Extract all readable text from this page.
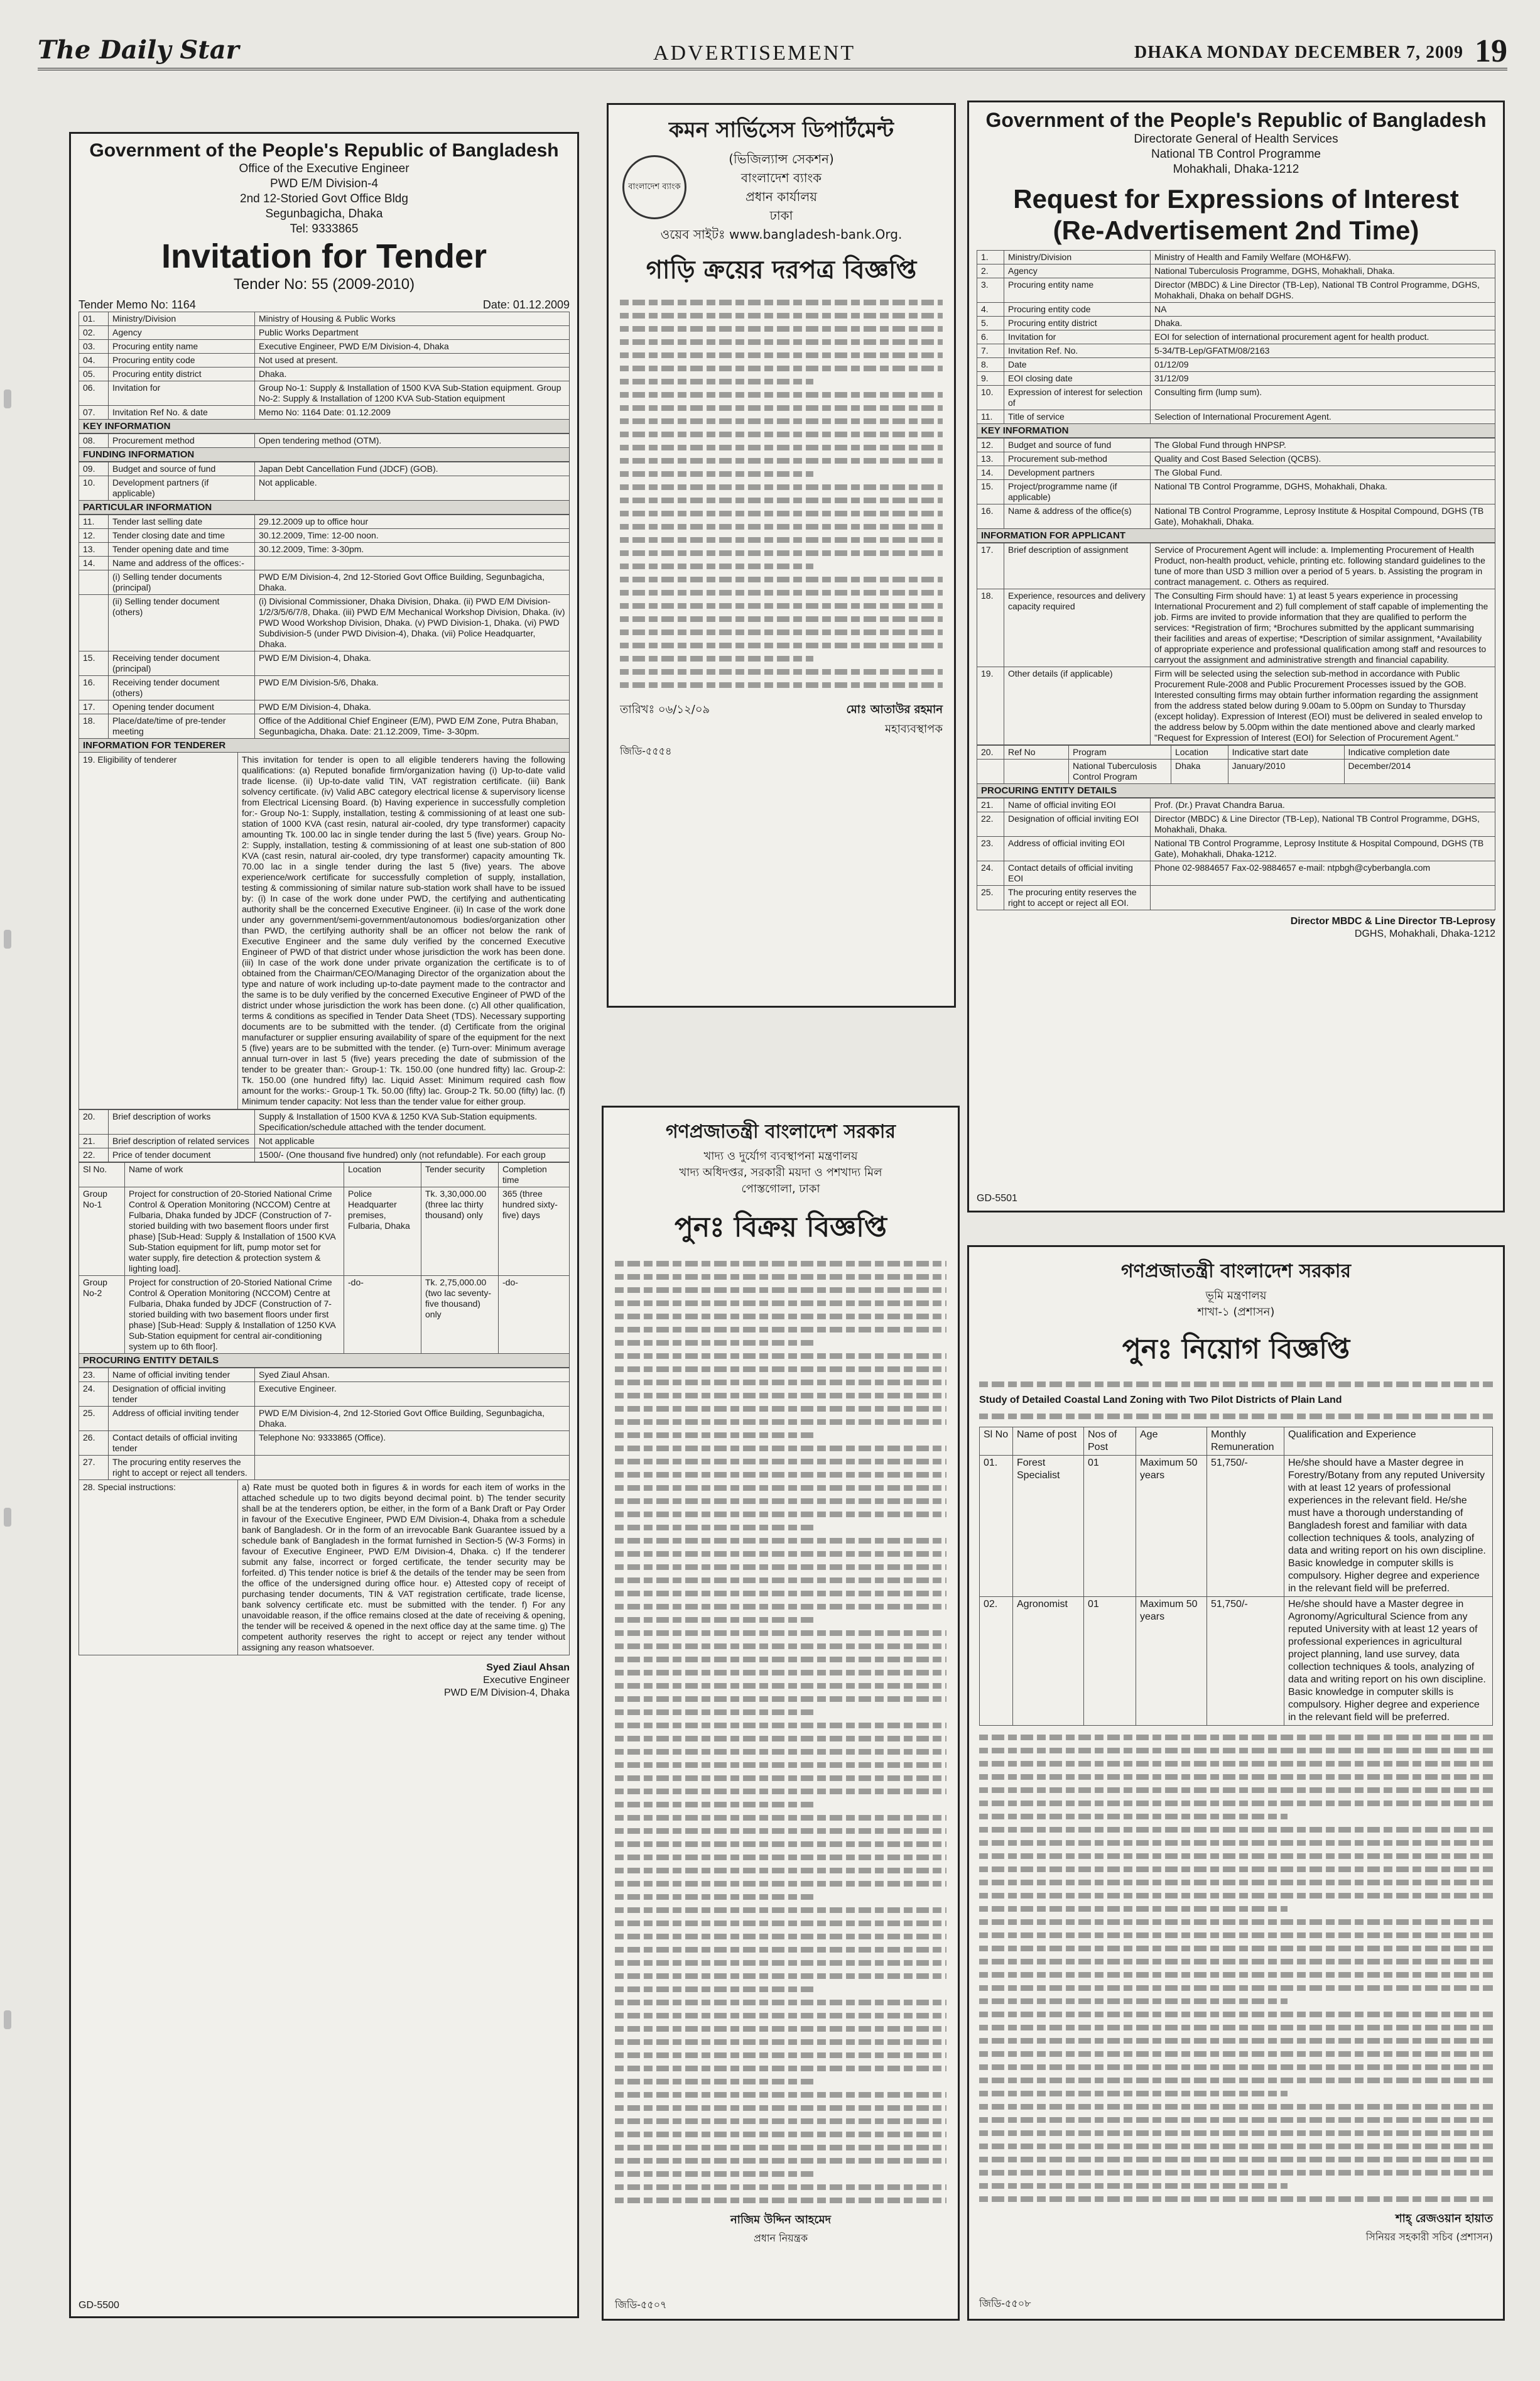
The Daily Star	ADVERTISEMENT	DHAKA MONDAY DECEMBER 7, 2009 19
Government of the People's Republic of Bangladesh
Office of the Executive Engineer
PWD E/M Division-4
2nd 12-Storied Govt Office Bldg
Segunbagicha, Dhaka
Tel: 9333865
Invitation for Tender
Tender No: 55 (2009-2010)
Tender Memo No: 1164	Date: 01.12.2009
01.	Ministry/Division	Ministry of Housing & Public Works
02.	Agency	Public Works Department
03.	Procuring entity name	Executive Engineer, PWD E/M Division-4, Dhaka
04.	Procuring entity code	Not used at present.
05.	Procuring entity district	Dhaka.
06.	Invitation for	Group No-1: Supply & Installation of 1500 KVA Sub-Station equipment. Group No-2: Supply & Installation of 1200 KVA Sub-Station equipment
07.	Invitation Ref No. & date	Memo No: 1164 Date: 01.12.2009
KEY INFORMATION
08.	Procurement method	Open tendering method (OTM).
FUNDING INFORMATION
09.	Budget and source of fund	Japan Debt Cancellation Fund (JDCF) (GOB).
10.	Development partners (if applicable)	Not applicable.
PARTICULAR INFORMATION
11.	Tender last selling date	29.12.2009 up to office hour
12.	Tender closing date and time	30.12.2009, Time: 12-00 noon.
13.	Tender opening date and time	30.12.2009, Time: 3-30pm.
14.	Name and address of the offices:-	
	(i) Selling tender documents (principal)	PWD E/M Division-4, 2nd 12-Storied Govt Office Building, Segunbagicha, Dhaka.
	(ii) Selling tender document (others)	(i) Divisional Commissioner, Dhaka Division, Dhaka. (ii) PWD E/M Division-1/2/3/5/6/7/8, Dhaka. (iii) PWD E/M Mechanical Workshop Division, Dhaka. (iv) PWD Wood Workshop Division, Dhaka. (v) PWD Division-1, Dhaka. (vi) PWD Subdivision-5 (under PWD Division-4), Dhaka. (vii) Police Headquarter, Dhaka.
15.	Receiving tender document (principal)	PWD E/M Division-4, Dhaka.
16.	Receiving tender document (others)	PWD E/M Division-5/6, Dhaka.
17.	Opening tender document	PWD E/M Division-4, Dhaka.
18.	Place/date/time of pre-tender meeting	Office of the Additional Chief Engineer (E/M), PWD E/M Zone, Putra Bhaban, Segunbagicha, Dhaka. Date: 21.12.2009, Time- 3-30pm.
INFORMATION FOR TENDERER
19. Eligibility of tenderer	This invitation for tender is open to all eligible tenderers having the following qualifications: (a) Reputed bonafide firm/organization having (i) Up-to-date valid trade license. (ii) Up-to-date valid TIN, VAT registration certificate. (iii) Bank solvency certificate. (iv) Valid ABC category electrical license & supervisory license from Electrical Licensing Board. (b) Having experience in successfully completion for:- Group No-1: Supply, installation, testing & commissioning of at least one sub-station of 1000 KVA (cast resin, natural air-cooled, dry type transformer) capacity amounting Tk. 100.00 lac in single tender during the last 5 (five) years. Group No-2: Supply, installation, testing & commissioning of at least one sub-station of 800 KVA (cast resin, natural air-cooled, dry type transformer) capacity amounting Tk. 70.00 lac in a single tender during the last 5 (five) years. The above experience/work certificate for successfully completion of supply, installation, testing & commissioning of similar nature sub-station work shall have to be issued by: (i) In case of the work done under PWD, the certifying and authenticating authority shall be the concerned Executive Engineer. (ii) In case of the work done under any government/semi-government/autonomous bodies/organization other than PWD, the certifying authority shall be an officer not below the rank of Executive Engineer and the same duly verified by the concerned Executive Engineer of PWD of that district under whose jurisdiction the work has been done. (iii) In case of the work done under private organization the certificate is to of obtained from the Chairman/CEO/Managing Director of the organization about the type and nature of work including up-to-date payment made to the contractor and the same is to be duly verified by the concerned Executive Engineer of PWD of the district under whose jurisdiction the work has been done. (c) All other qualification, terms & conditions as specified in Tender Data Sheet (TDS). Necessary supporting documents are to be submitted with the tender. (d) Certificate from the original manufacturer or supplier ensuring availability of spare of the equipment for the next 5 (five) years are to be submitted with the tender. (e) Turn-over: Minimum average annual turn-over in last 5 (five) years preceding the date of submission of the tender to be greater than:- Group-1: Tk. 150.00 (one hundred fifty) lac. Group-2: Tk. 150.00 (one hundred fifty) lac. Liquid Asset: Minimum required cash flow amount for the works:- Group-1 Tk. 50.00 (fifty) lac. Group-2 Tk. 50.00 (fifty) lac. (f) Minimum tender capacity: Not less than the tender value for either group.
20.	Brief description of works	Supply & Installation of 1500 KVA & 1250 KVA Sub-Station equipments. Specification/schedule attached with the tender document.
21.	Brief description of related services	Not applicable
22.	Price of tender document	1500/- (One thousand five hundred) only (not refundable). For each group
Sl No.	Name of work	Location	Tender security	Completion time
Group No-1	Project for construction of 20-Storied National Crime Control & Operation Monitoring (NCCOM) Centre at Fulbaria, Dhaka funded by JDCF (Construction of 7-storied building with two basement floors under first phase) [Sub-Head: Supply & Installation of 1500 KVA Sub-Station equipment for lift, pump motor set for water supply, fire detection & protection system & lighting load].	Police Headquarter premises, Fulbaria, Dhaka	Tk. 3,30,000.00 (three lac thirty thousand) only	365 (three hundred sixty-five) days
Group No-2	Project for construction of 20-Storied National Crime Control & Operation Monitoring (NCCOM) Centre at Fulbaria, Dhaka funded by JDCF (Construction of 7-storied building with two basement floors under first phase) [Sub-Head: Supply & Installation of 1250 KVA Sub-Station equipment for central air-conditioning system up to 6th floor].	-do-	Tk. 2,75,000.00 (two lac seventy-five thousand) only	-do-
PROCURING ENTITY DETAILS
23.	Name of official inviting tender	Syed Ziaul Ahsan.
24.	Designation of official inviting tender	Executive Engineer.
25.	Address of official inviting tender	PWD E/M Division-4, 2nd 12-Storied Govt Office Building, Segunbagicha, Dhaka.
26.	Contact details of official inviting tender	Telephone No: 9333865 (Office).
27.	The procuring entity reserves the right to accept or reject all tenders.	
28. Special instructions:	a) Rate must be quoted both in figures & in words for each item of works in the attached schedule up to two digits beyond decimal point. b) The tender security shall be at the tenderers option, be either, in the form of a Bank Draft or Pay Order in favour of the Executive Engineer, PWD E/M Division-4, Dhaka from a schedule bank of Bangladesh. Or in the form of an irrevocable Bank Guarantee issued by a schedule bank of Bangladesh in the format furnished in Section-5 (W-3 Forms) in favour of Executive Engineer, PWD E/M Division-4, Dhaka. c) If the tenderer submit any false, incorrect or forged certificate, the tender security may be forfeited. d) This tender notice is brief & the details of the tender may be seen from the office of the undersigned during office hour. e) Attested copy of receipt of purchasing tender documents, TIN & VAT registration certificate, trade license, bank solvency certificate etc. must be submitted with the tender. f) For any unavoidable reason, if the office remains closed at the date of receiving & opening, the tender will be received & opened in the next office day at the same time. g) The competent authority reserves the right to accept or reject any tender without assigning any reason whatsoever.
Syed Ziaul Ahsan
Executive Engineer
PWD E/M Division-4, Dhaka
GD-5500
বাংলাদেশ ব্যাংক
কমন সার্ভিসেস ডিপার্টমেন্ট
(ভিজিল্যান্স সেকশন)
বাংলাদেশ ব্যাংক
প্রধান কার্যালয়
ঢাকা
ওয়েব সাইটঃ www.bangladesh-bank.Org.
গাড়ি ক্রয়ের দরপত্র বিজ্ঞপ্তি
তারিখঃ ০৬/১২/০৯	মোঃ আতাউর রহমান
মহাব্যবস্থাপক
জিডি-৫৫৫৪
গণপ্রজাতন্ত্রী বাংলাদেশ সরকার
খাদ্য ও দুর্যোগ ব্যবস্থাপনা মন্ত্রণালয়
খাদ্য অধিদপ্তর, সরকারী ময়দা ও পশখাদ্য মিল
পোস্তগোলা, ঢাকা
পুনঃ বিক্রয় বিজ্ঞপ্তি
নাজিম উদ্দিন আহমেদ
প্রধান নিয়ন্ত্রক
জিডি-৫৫০৭
Government of the People's Republic of Bangladesh
Directorate General of Health Services
National TB Control Programme
Mohakhali, Dhaka-1212
Request for Expressions of Interest
(Re-Advertisement 2nd Time)
1.	Ministry/Division	Ministry of Health and Family Welfare (MOH&FW).
2.	Agency	National Tuberculosis Programme, DGHS, Mohakhali, Dhaka.
3.	Procuring entity name	Director (MBDC) & Line Director (TB-Lep), National TB Control Programme, DGHS, Mohakhali, Dhaka on behalf DGHS.
4.	Procuring entity code	NA
5.	Procuring entity district	Dhaka.
6.	Invitation for	EOI for selection of international procurement agent for health product.
7.	Invitation Ref. No.	5-34/TB-Lep/GFATM/08/2163
8.	Date	01/12/09
9.	EOI closing date	31/12/09
10.	Expression of interest for selection of	Consulting firm (lump sum).
11.	Title of service	Selection of International Procurement Agent.
KEY INFORMATION
12.	Budget and source of fund	The Global Fund through HNPSP.
13.	Procurement sub-method	Quality and Cost Based Selection (QCBS).
14.	Development partners	The Global Fund.
15.	Project/programme name (if applicable)	National TB Control Programme, DGHS, Mohakhali, Dhaka.
16.	Name & address of the office(s)	National TB Control Programme, Leprosy Institute & Hospital Compound, DGHS (TB Gate), Mohakhali, Dhaka.
INFORMATION FOR APPLICANT
17.	Brief description of assignment	Service of Procurement Agent will include: a. Implementing Procurement of Health Product, non-health product, vehicle, printing etc. following standard guidelines to the tune of more than USD 3 million over a period of 5 years. b. Assisting the program in contract management. c. Others as required.
18.	Experience, resources and delivery capacity required	The Consulting Firm should have: 1) at least 5 years experience in processing International Procurement and 2) full complement of staff capable of implementing the job. Firms are invited to provide information that they are qualified to perform the services: *Registration of firm; *Brochures submitted by the applicant summarising their facilities and areas of expertise; *Description of similar assignment, *Availability of appropriate experience and professional qualification among staff and resources to carryout the assignment and administrative strength and financial capability.
19.	Other details (if applicable)	Firm will be selected using the selection sub-method in accordance with Public Procurement Rule-2008 and Public Procurement Processes issued by the GOB. Interested consulting firms may obtain further information regarding the assignment from the address stated below during 9.00am to 5.00pm on Sunday to Thursday (except holiday). Expression of Interest (EOI) must be delivered in sealed envelop to the address below by 5.00pm within the date mentioned above and clearly marked "Request for Expression of Interest (EOI) for Selection of Procurement Agent."
20.	Ref No	Program	Location	Indicative start date	Indicative completion date
		National Tuberculosis Control Program	Dhaka	January/2010	December/2014
PROCURING ENTITY DETAILS
21.	Name of official inviting EOI	Prof. (Dr.) Pravat Chandra Barua.
22.	Designation of official inviting EOI	Director (MBDC) & Line Director (TB-Lep), National TB Control Programme, DGHS, Mohakhali, Dhaka.
23.	Address of official inviting EOI	National TB Control Programme, Leprosy Institute & Hospital Compound, DGHS (TB Gate), Mohakhali, Dhaka-1212.
24.	Contact details of official inviting EOI	Phone 02-9884657 Fax-02-9884657 e-mail: ntpbgh@cyberbangla.com
25.	The procuring entity reserves the right to accept or reject all EOI.	
Director MBDC & Line Director TB-Leprosy
DGHS, Mohakhali, Dhaka-1212
GD-5501
গণপ্রজাতন্ত্রী বাংলাদেশ সরকার
ভূমি মন্ত্রণালয়
শাখা-১ (প্রশাসন)
পুনঃ নিয়োগ বিজ্ঞপ্তি
Study of Detailed Coastal Land Zoning with Two Pilot Districts of Plain Land
Sl No	Name of post	Nos of Post	Age	Monthly Remuneration	Qualification and Experience
01.	Forest Specialist	01	Maximum 50 years	51,750/-	He/she should have a Master degree in Forestry/Botany from any reputed University with at least 12 years of professional experiences in the relevant field. He/she must have a thorough understanding of Bangladesh forest and familiar with data collection techniques & tools, analyzing of data and writing report on his own discipline. Basic knowledge in computer skills is compulsory. Higher degree and experience in the relevant field will be preferred.
02.	Agronomist	01	Maximum 50 years	51,750/-	He/she should have a Master degree in Agronomy/Agricultural Science from any reputed University with at least 12 years of professional experiences in agricultural project planning, land use survey, data collection techniques & tools, analyzing of data and writing report on his own discipline. Basic knowledge in computer skills is compulsory. Higher degree and experience in the relevant field will be preferred.
শাহ্ রেজওয়ান হায়াত
সিনিয়র সহকারী সচিব (প্রশাসন)
জিডি-৫৫০৮
